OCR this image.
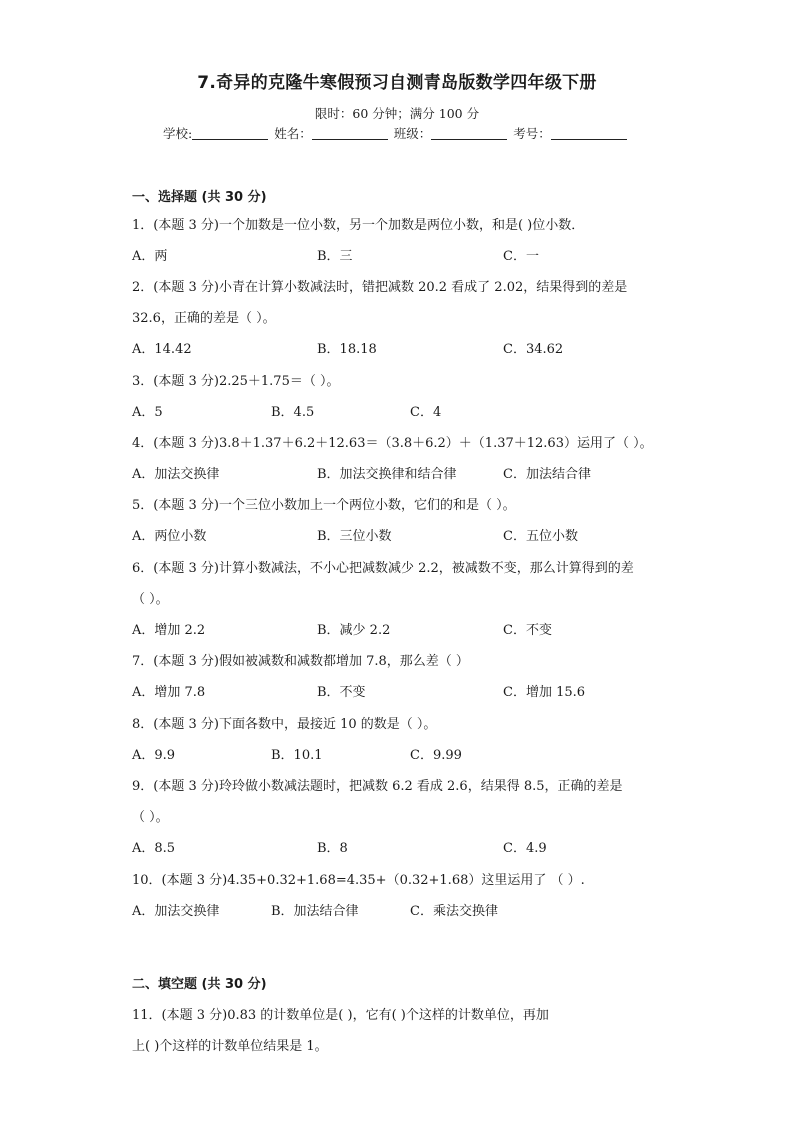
7.奇异的克隆牛寒假预习自测青岛版数学四年级下册
限时：60 分钟；满分 100 分
学校:	姓名：	班级：	考号：
一、选择题 (共 30 分)
1．(本题 3 分)一个加数是一位小数，另一个加数是两位小数，和是( )位小数．
A．两	B．三	C．一
2．(本题 3 分)小青在计算小数减法时，错把减数 20.2 看成了 2.02，结果得到的差是
32.6，正确的差是（ ）。
A．14.42	B．18.18	C．34.62
3．(本题 3 分)2.25＋1.75＝（ ）。
A．5	B．4.5	C．4
4．(本题 3 分)3.8＋1.37＋6.2＋12.63＝（3.8＋6.2）＋（1.37＋12.63）运用了（ ）。
A．加法交换律	B．加法交换律和结合律	C．加法结合律
5．(本题 3 分)一个三位小数加上一个两位小数，它们的和是（ ）。
A．两位小数	B．三位小数	C．五位小数
6．(本题 3 分)计算小数减法，不小心把减数减少 2.2，被减数不变，那么计算得到的差
（ ）。
A．增加 2.2	B．减少 2.2	C．不变
7．(本题 3 分)假如被减数和减数都增加 7.8，那么差（ ）
A．增加 7.8	B．不变	C．增加 15.6
8．(本题 3 分)下面各数中，最接近 10 的数是（ ）。
A．9.9	B．10.1	C．9.99
9．(本题 3 分)玲玲做小数减法题时，把减数 6.2 看成 2.6，结果得 8.5，正确的差是
（ ）。
A．8.5	B．8	C．4.9
10．(本题 3 分)4.35+0.32+1.68=4.35+（0.32+1.68）这里运用了 （ ）.
A．加法交换律	B．加法结合律	C．乘法交换律
二、填空题 (共 30 分)
11．(本题 3 分)0.83 的计数单位是( )，它有( )个这样的计数单位，再加
上( )个这样的计数单位结果是 1。
